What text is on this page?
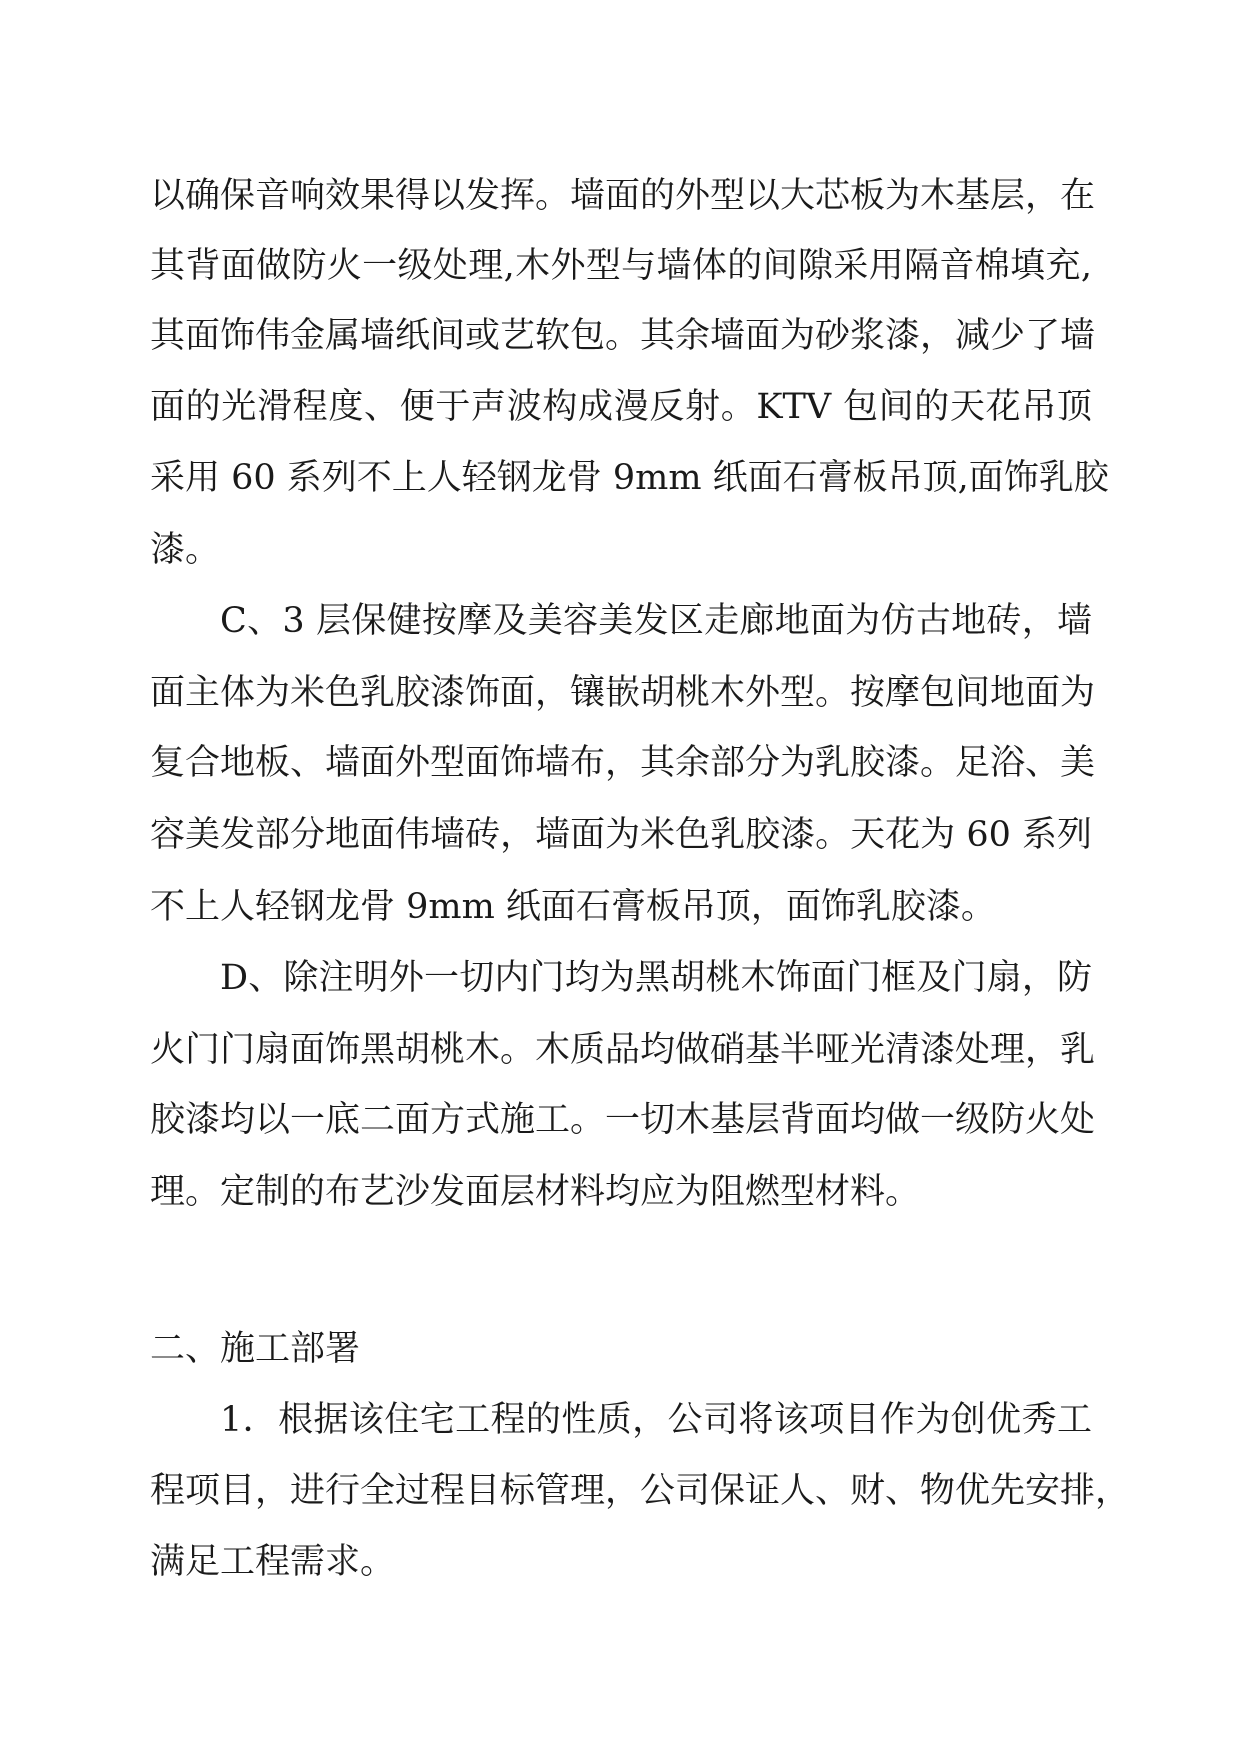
以确保音响效果得以发挥。墙面的外型以大芯板为木基层，在
其背面做防火一级处理,木外型与墙体的间隙采用隔音棉填充,
其面饰伟金属墙纸间或艺软包。其余墙面为砂浆漆，减少了墙
面的光滑程度、便于声波构成漫反射。KTV 包间的天花吊顶
采用 60 系列不上人轻钢龙骨 9mm 纸面石膏板吊顶,面饰乳胶
漆。
C、3 层保健按摩及美容美发区走廊地面为仿古地砖，墙
面主体为米色乳胶漆饰面，镶嵌胡桃木外型。按摩包间地面为
复合地板、墙面外型面饰墙布，其余部分为乳胶漆。足浴、美
容美发部分地面伟墙砖，墙面为米色乳胶漆。天花为 60 系列
不上人轻钢龙骨 9mm 纸面石膏板吊顶，面饰乳胶漆。
D、除注明外一切内门均为黑胡桃木饰面门框及门扇，防
火门门扇面饰黑胡桃木。木质品均做硝基半哑光清漆处理，乳
胶漆均以一底二面方式施工。一切木基层背面均做一级防火处
理。定制的布艺沙发面层材料均应为阻燃型材料。
二、施工部署
1．根据该住宅工程的性质，公司将该项目作为创优秀工
程项目，进行全过程目标管理，公司保证人、财、物优先安排，
满足工程需求。
